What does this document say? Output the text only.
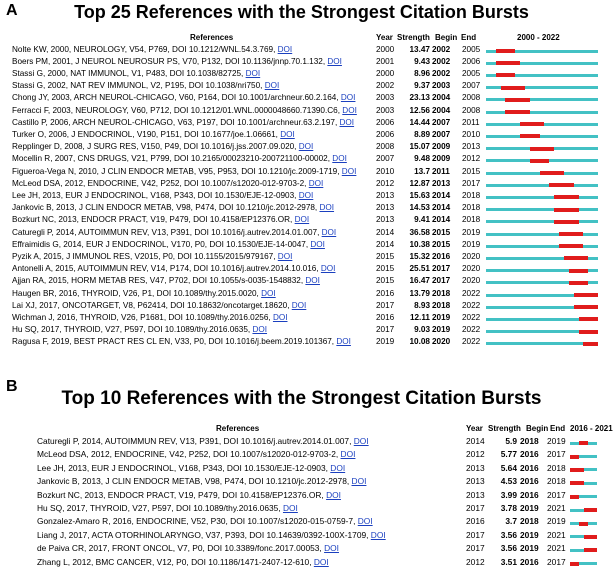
A	Top 25 References with the Strongest Citation Bursts
References	Year Strength Begin End	2000 - 2022
Nolte KW, 2000, NEUROLOGY, V54, P769, DOI 10.1212/WNL.54.3.769, DOI	2000	13.47 2002 2005
Boers PM, 2001, J NEUROL NEUROSUR PS, V70, P132, DOI 10.1136/jnnp.70.1.132, DOI	2001	9.43 2002 2006
Stassi G, 2000, NAT IMMUNOL, V1, P483, DOI 10.1038/82725, DOI	2000	8.96 2002 2005
Stassi G, 2002, NAT REV IMMUNOL, V2, P195, DOI 10.1038/nri750, DOI	2002	9.37 2003 2007
Chong JY, 2003, ARCH NEUROL-CHICAGO, V60, P164, DOI 10.1001/archneur.60.2.164, DOI	2003	23.13 2004 2008
Ferracci F, 2003, NEUROLOGY, V60, P712, DOI 10.1212/01.WNL.0000048660.71390.C6, DOI 2003	12.56 2004 2008
Castillo P, 2006, ARCH NEUROL-CHICAGO, V63, P197, DOI 10.1001/archneur.63.2.197, DOI	2006	14.44 2007 2011
Turker O, 2006, J ENDOCRINOL, V190, P151, DOI 10.1677/joe.1.06661, DOI	2006	8.89 2007 2010
Repplinger D, 2008, J SURG RES, V150, P49, DOI 10.1016/j.jss.2007.09.020, DOI	2008	15.07 2009 2013
Mocellin R, 2007, CNS DRUGS, V21, P799, DOI 10.2165/00023210-200721100-00002, DOI	2007	9.48 2009 2012
Figueroa-Vega N, 2010, J CLIN ENDOCR METAB, V95, P953, DOI 10.1210/jc.2009-1719, DOI 2010	13.7 2011 2015
McLeod DSA, 2012, ENDOCRINE, V42, P252, DOI 10.1007/s12020-012-9703-2, DOI	2012	12.87 2013 2017
Lee JH, 2013, EUR J ENDOCRINOL, V168, P343, DOI 10.1530/EJE-12-0903, DOI	2013	15.63 2014 2018
Jankovic B, 2013, J CLIN ENDOCR METAB, V98, P474, DOI 10.1210/jc.2012-2978, DOI	2013	14.53 2014 2018
Bozkurt NC, 2013, ENDOCR PRACT, V19, P479, DOI 10.4158/EP12376.OR, DOI	2013	9.41 2014 2018
Caturegli P, 2014, AUTOIMMUN REV, V13, P391, DOI 10.1016/j.autrev.2014.01.007, DOI	2014	36.58 2015 2019
Effraimidis G, 2014, EUR J ENDOCRINOL, V170, P0, DOI 10.1530/EJE-14-0047, DOI	2014	10.38 2015 2019
Pyzik A, 2015, J IMMUNOL RES, V2015, P0, DOI 10.1155/2015/979167, DOI	2015	15.32 2016 2020
Antonelli A, 2015, AUTOIMMUN REV, V14, P174, DOI 10.1016/j.autrev.2014.10.016, DOI	2015	25.51 2017 2020
Ajjan RA, 2015, HORM METAB RES, V47, P702, DOI 10.1055/s-0035-1548832, DOI	2015	16.47 2017 2020
Haugen BR, 2016, THYROID, V26, P1, DOI 10.1089/thy.2015.0020, DOI	2016	13.79 2018 2022
Lai XJ, 2017, ONCOTARGET, V8, P62414, DOI 10.18632/oncotarget.18620, DOI	2017	8.93 2018 2022
Wichman J, 2016, THYROID, V26, P1681, DOI 10.1089/thy.2016.0256, DOI	2016	12.11 2019 2022
Hu SQ, 2017, THYROID, V27, P597, DOI 10.1089/thy.2016.0635, DOI	2017	9.03 2019 2022
Ragusa F, 2019, BEST PRACT RES CL EN, V33, P0, DOI 10.1016/j.beem.2019.101367, DOI	2019	10.08 2020 2022
B
Top 10 References with the Strongest Citation Bursts
References	Year Strength Begin End 2016 - 2021
Caturegli P, 2014, AUTOIMMUN REV, V13, P391, DOI 10.1016/j.autrev.2014.01.007, DOI	2014	5.9 2018 2019
McLeod DSA, 2012, ENDOCRINE, V42, P252, DOI 10.1007/s12020-012-9703-2, DOI	2012	5.77 2016 2017
Lee JH, 2013, EUR J ENDOCRINOL, V168, P343, DOI 10.1530/EJE-12-0903, DOI	2013	5.64 2016 2018
Jankovic B, 2013, J CLIN ENDOCR METAB, V98, P474, DOI 10.1210/jc.2012-2978, DOI	2013	4.53 2016 2018
Bozkurt NC, 2013, ENDOCR PRACT, V19, P479, DOI 10.4158/EP12376.OR, DOI	2013	3.99 2016 2017
Hu SQ, 2017, THYROID, V27, P597, DOI 10.1089/thy.2016.0635, DOI	2017	3.78 2019 2021
Gonzalez-Amaro R, 2016, ENDOCRINE, V52, P30, DOI 10.1007/s12020-015-0759-7, DOI	2016	3.7 2018 2019
Liang J, 2017, ACTA OTORHINOLARYNGO, V37, P393, DOI 10.14639/0392-100X-1709, DOI	2017	3.56 2019 2021
de Paiva CR, 2017, FRONT ONCOL, V7, P0, DOI 10.3389/fonc.2017.00053, DOI	2017	3.56 2019 2021
Zhang L, 2012, BMC CANCER, V12, P0, DOI 10.1186/1471-2407-12-610, DOI	2012	3.51 2016 2017
